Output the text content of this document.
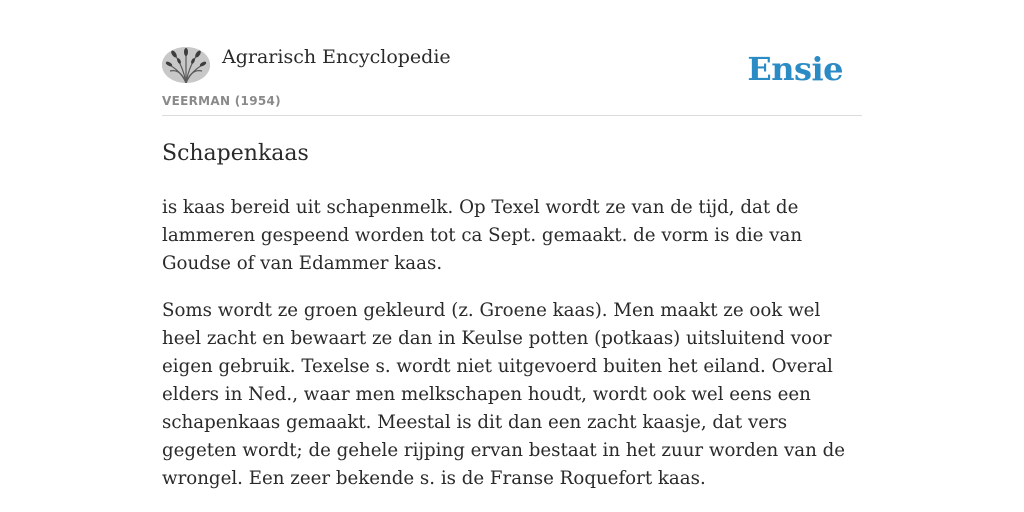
Agrarisch Encyclopedie
VEERMAN (1954)
Ensie
Schapenkaas

is kaas bereid uit schapenmelk. Op Texel wordt ze van de tijd, dat de lammeren gespeend worden tot ca Sept. gemaakt. de vorm is die van Goudse of van Edammer kaas.

Soms wordt ze groen gekleurd (z. Groene kaas). Men maakt ze ook wel heel zacht en bewaart ze dan in Keulse potten (potkaas) uitsluitend voor eigen gebruik. Texelse s. wordt niet uitgevoerd buiten het eiland. Overal elders in Ned., waar men melkschapen houdt, wordt ook wel eens een schapenkaas gemaakt. Meestal is dit dan een zacht kaasje, dat vers gegeten wordt; de gehele rijping ervan bestaat in het zuur worden van de wrongel. Een zeer bekende s. is de Franse Roquefort kaas.
